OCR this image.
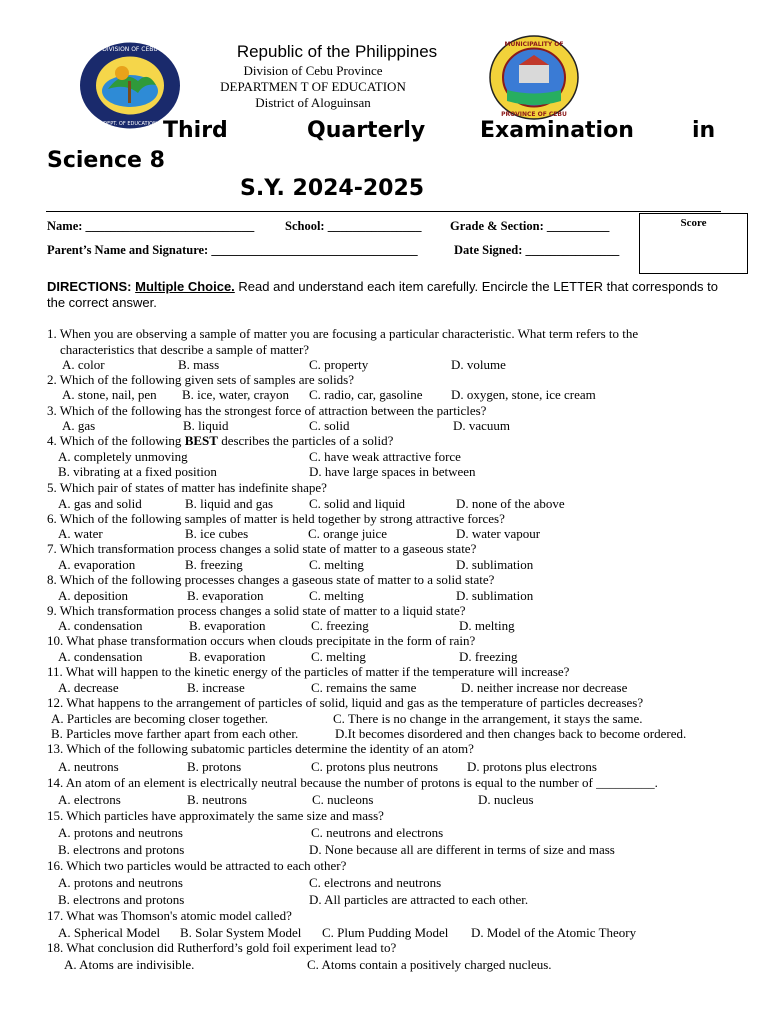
DIVISION OF CEBU
DEPT. OF EDUCATION
MUNICIPALITY OF
PROVINCE OF CEBU
Republic of the Philippines
Division of Cebu Province
DEPARTMEN T OF EDUCATION
District of Aloguinsan
Third	Quarterly Examination	in
Science 8
S.Y. 2024-2025
Name: ___________________________ School: _______________ Grade & Section: __________
Parent’s Name and Signature: _________________________________	Date Signed: _______________
Score
DIRECTIONS: Multiple Choice. Read and understand each item carefully. Encircle the LETTER that corresponds to the correct answer.
1. When you are observing a sample of matter you are focusing a particular characteristic. What term refers to the
characteristics that describe a sample of matter?
A. color	B. mass	C. property	D. volume
2. Which of the following given sets of samples are solids?
A. stone, nail, pen B. ice, water, crayon C. radio, car, gasoline D. oxygen, stone, ice cream
3. Which of the following has the strongest force of attraction between the particles?
A. gas	B. liquid	C. solid	D. vacuum
4. Which of the following BEST describes the particles of a solid?
A. completely unmoving	C. have weak attractive force
B. vibrating at a fixed position	D. have large spaces in between
5. Which pair of states of matter has indefinite shape?
A. gas and solid	B. liquid and gas	C. solid and liquid	D. none of the above
6. Which of the following samples of matter is held together by strong attractive forces?
A. water	B. ice cubes	C. orange juice	D. water vapour
7. Which transformation process changes a solid state of matter to a gaseous state?
A. evaporation	B. freezing	C. melting	D. sublimation
8. Which of the following processes changes a gaseous state of matter to a solid state?
A. deposition	B. evaporation	C. melting	D. sublimation
9. Which transformation process changes a solid state of matter to a liquid state?
A. condensation	B. evaporation	C. freezing	D. melting
10. What phase transformation occurs when clouds precipitate in the form of rain?
A. condensation	B. evaporation	C. melting	D. freezing
11. What will happen to the kinetic energy of the particles of matter if the temperature will increase?
A. decrease	B. increase	C. remains the same	D. neither increase nor decrease
12. What happens to the arrangement of particles of solid, liquid and gas as the temperature of particles decreases?
A. Particles are becoming closer together.	C. There is no change in the arrangement, it stays the same.
B. Particles move farther apart from each other.	D.It becomes disordered and then changes back to become ordered.
13. Which of the following subatomic particles determine the identity of an atom?
A. neutrons	B. protons	C. protons plus neutrons D. protons plus electrons
14. An atom of an element is electrically neutral because the number of protons is equal to the number of _________.
A. electrons	B. neutrons	C. nucleons	D. nucleus
15. Which particles have approximately the same size and mass?
A. protons and neutrons	C. neutrons and electrons
B. electrons and protons	D. None because all are different in terms of size and mass
16. Which two particles would be attracted to each other?
A. protons and neutrons	C. electrons and neutrons
B. electrons and protons	D. All particles are attracted to each other.
17. What was Thomson's atomic model called?
A. Spherical Model B. Solar System Model C. Plum Pudding Model D. Model of the Atomic Theory
18. What conclusion did Rutherford’s gold foil experiment lead to?
A. Atoms are indivisible.	C. Atoms contain a positively charged nucleus.
